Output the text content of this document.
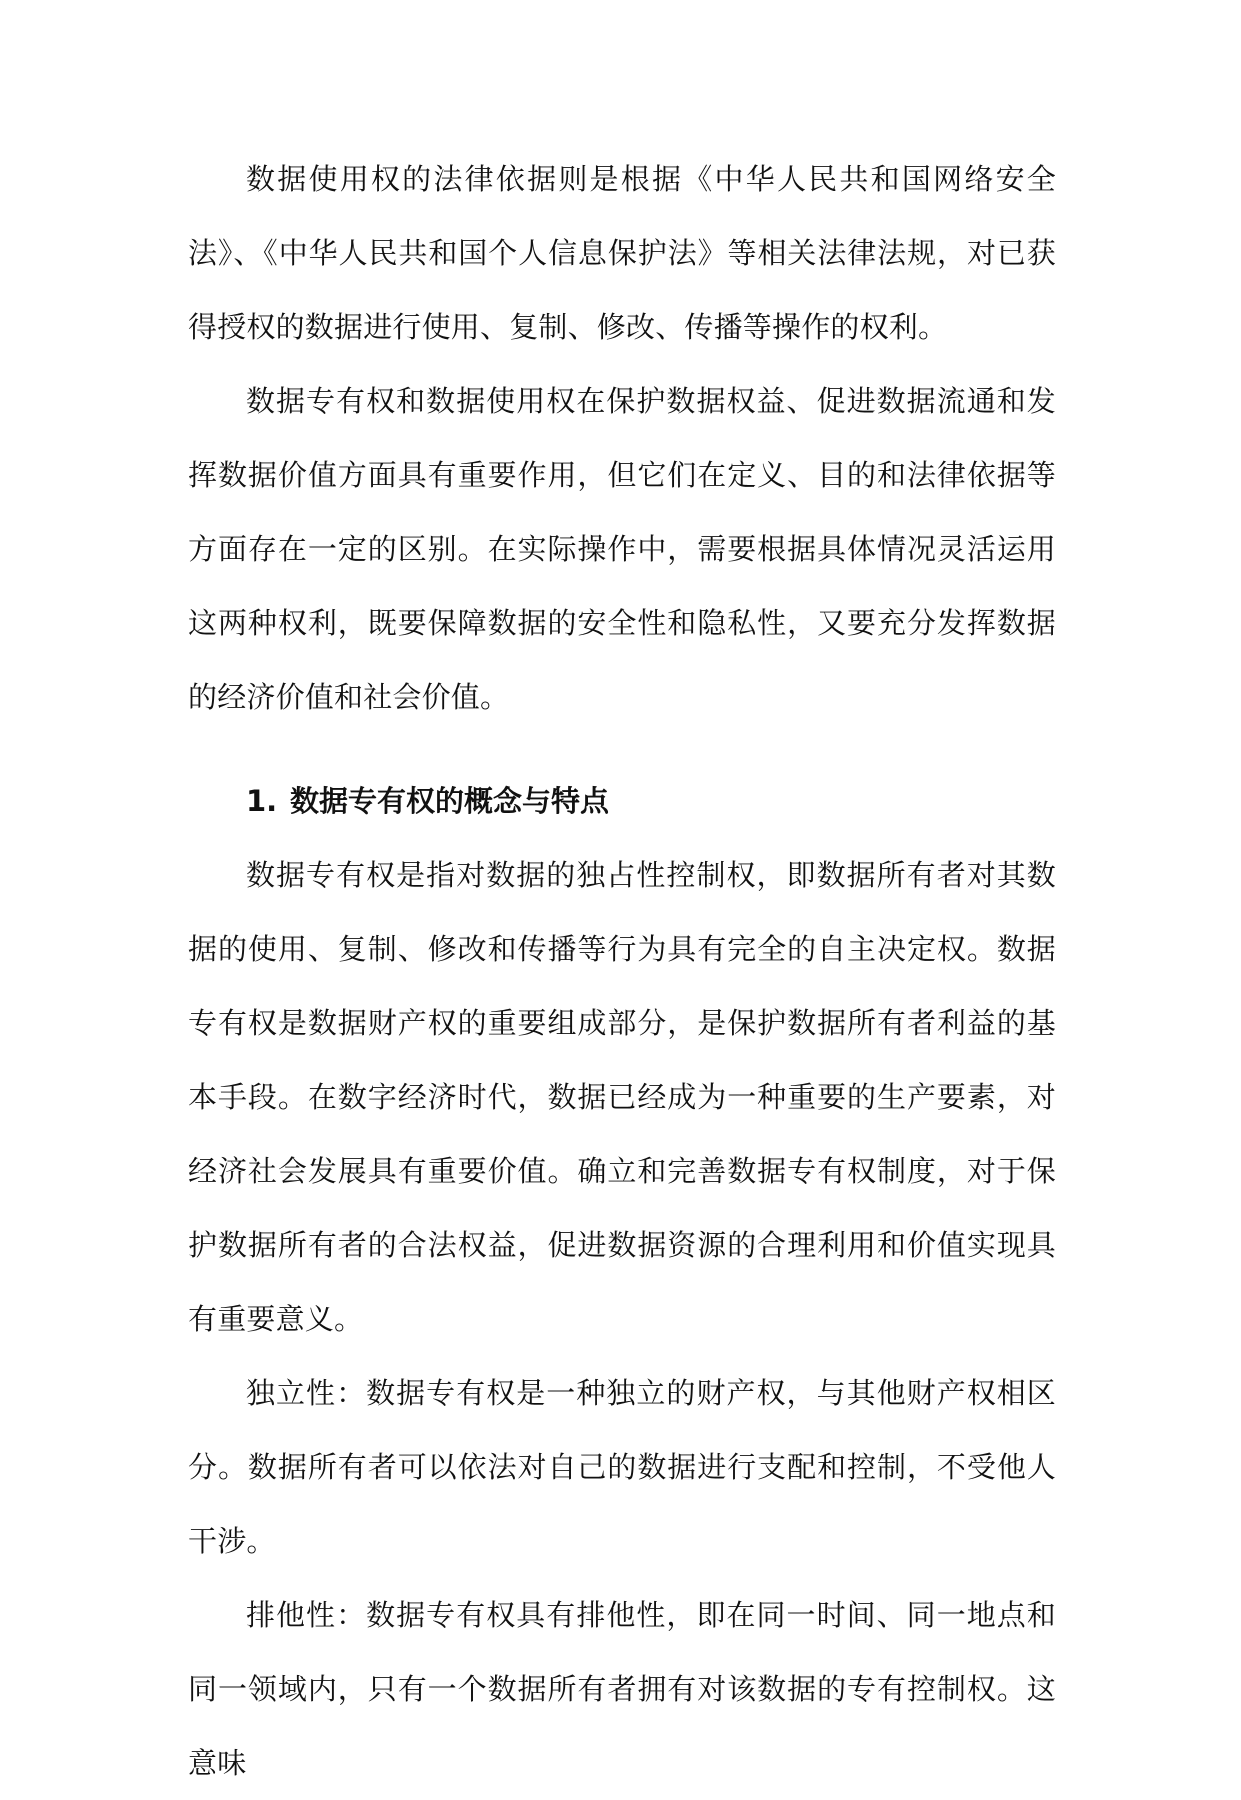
数据使用权的法律依据则是根据《中华人民共和国网络安全法》、《中华人民共和国个人信息保护法》等相关法律法规，对已获得授权的数据进行使用、复制、修改、传播等操作的权利。

数据专有权和数据使用权在保护数据权益、促进数据流通和发挥数据价值方面具有重要作用，但它们在定义、目的和法律依据等方面存在一定的区别。在实际操作中，需要根据具体情况灵活运用这两种权利，既要保障数据的安全性和隐私性，又要充分发挥数据的经济价值和社会价值。

1. 数据专有权的概念与特点

数据专有权是指对数据的独占性控制权，即数据所有者对其数据的使用、复制、修改和传播等行为具有完全的自主决定权。数据专有权是数据财产权的重要组成部分，是保护数据所有者利益的基本手段。在数字经济时代，数据已经成为一种重要的生产要素，对经济社会发展具有重要价值。确立和完善数据专有权制度，对于保护数据所有者的合法权益，促进数据资源的合理利用和价值实现具有重要意义。

独立性：数据专有权是一种独立的财产权，与其他财产权相区分。数据所有者可以依法对自己的数据进行支配和控制，不受他人干涉。

排他性：数据专有权具有排他性，即在同一时间、同一地点和同一领域内，只有一个数据所有者拥有对该数据的专有控制权。这意味
